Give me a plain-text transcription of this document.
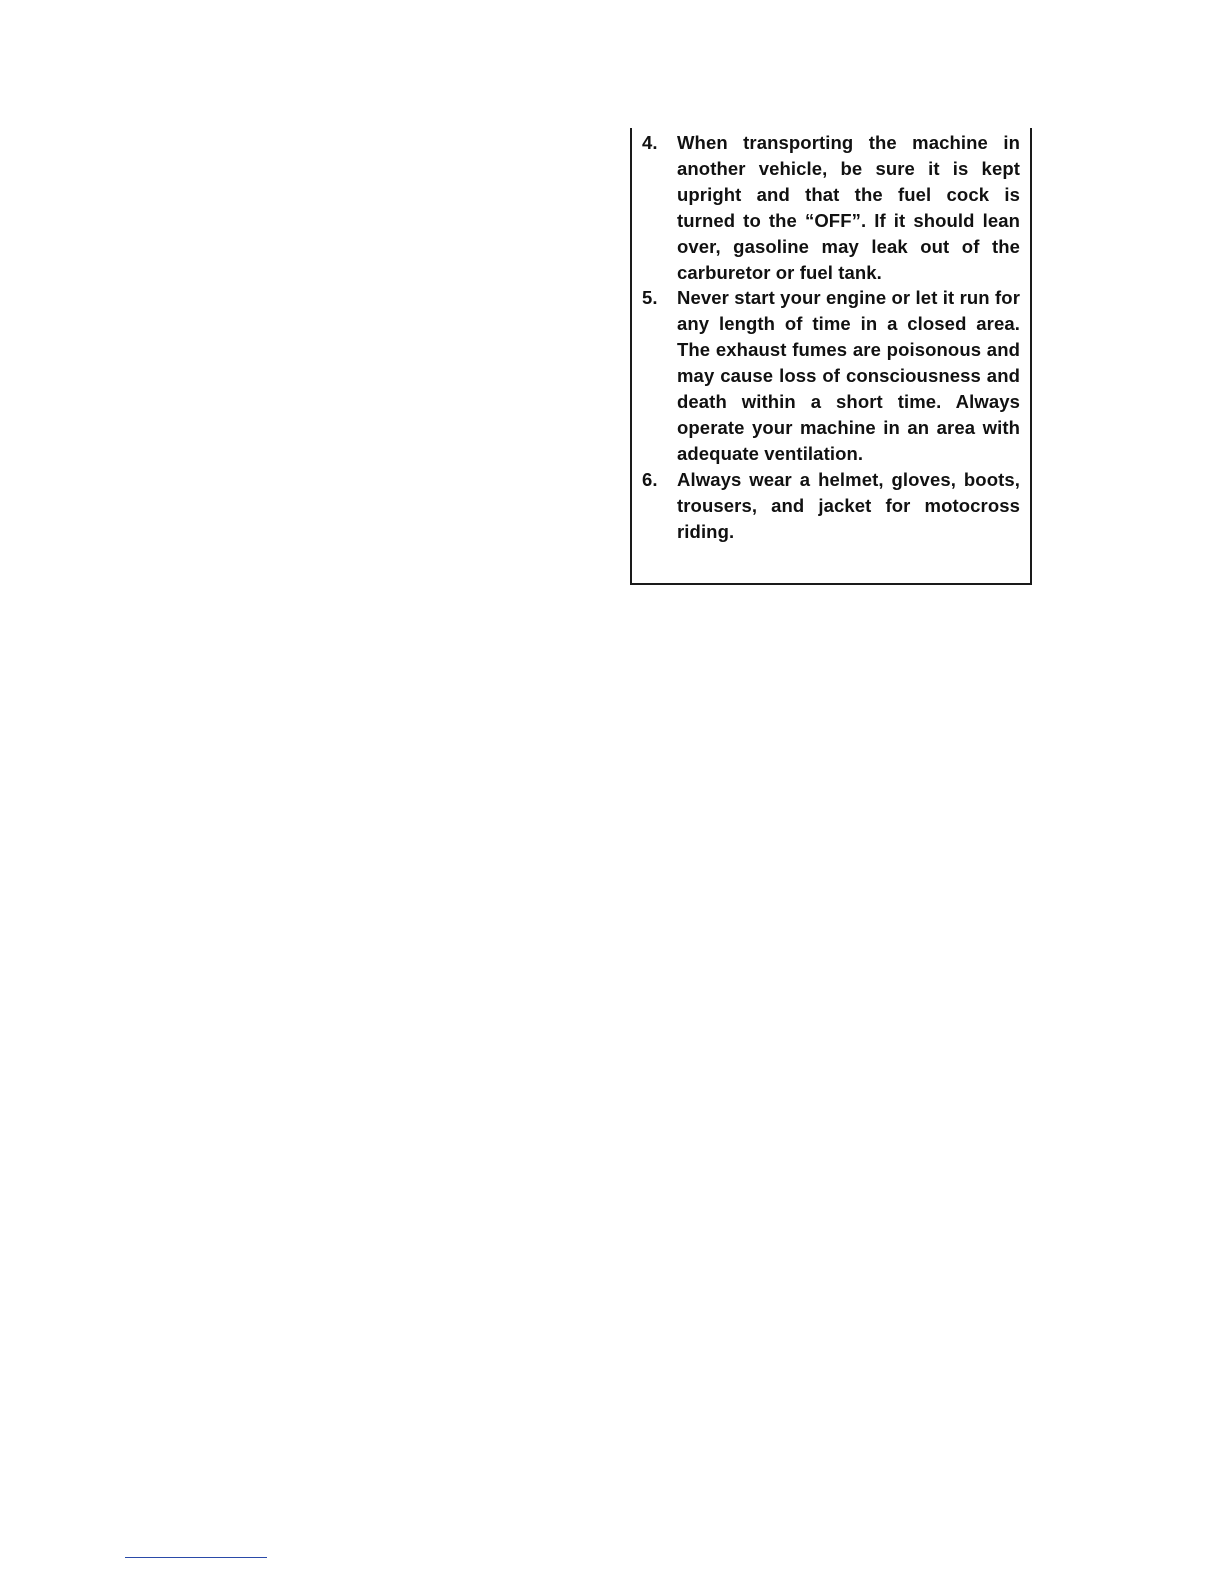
4. When transporting the machine in another vehicle, be sure it is kept upright and that the fuel cock is turned to the “OFF”. If it should lean over, gasoline may leak out of the carburetor or fuel tank.
5. Never start your engine or let it run for any length of time in a closed area. The exhaust fumes are poisonous and may cause loss of consciousness and death within a short time. Always operate your machine in an area with adequate ventilation.
6. Always wear a helmet, gloves, boots, trousers, and jacket for motocross riding.
